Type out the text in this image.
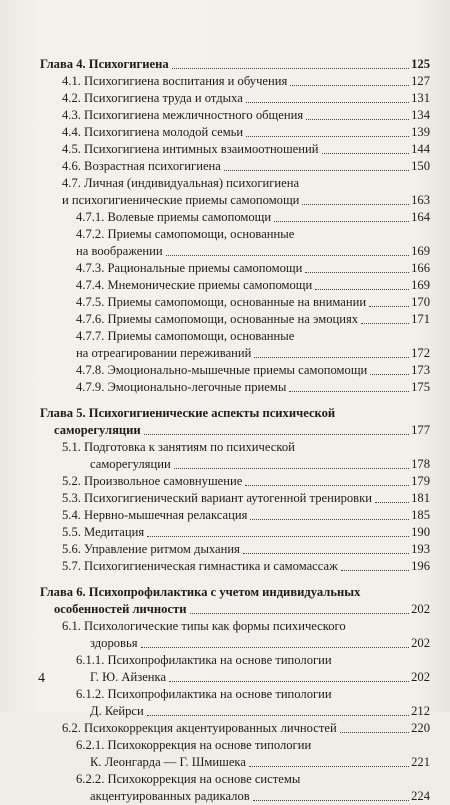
Глава 4. Психогигиена	125
4.1. Психогигиена воспитания и обучения	127
4.2. Психогигиена труда и отдыха	131
4.3. Психогигиена межличностного общения	134
4.4. Психогигиена молодой семьи	139
4.5. Психогигиена интимных взаимоотношений	144
4.6. Возрастная психогигиена	150
4.7. Личная (индивидуальная) психогигиена
и психогигиенические приемы самопомощи	163
4.7.1. Волевые приемы самопомощи	164
4.7.2. Приемы самопомощи, основанные
на воображении	169
4.7.3. Рациональные приемы самопомощи	166
4.7.4. Мнемонические приемы самопомощи	169
4.7.5. Приемы самопомощи, основанные на внимании	170
4.7.6. Приемы самопомощи, основанные на эмоциях	171
4.7.7. Приемы самопомощи, основанные
на отреагировании переживаний	172
4.7.8. Эмоционально-мышечные приемы самопомощи	173
4.7.9. Эмоционально-легочные приемы	175
Глава 5. Психогигиенические аспекты психической
саморегуляции	177
5.1. Подготовка к занятиям по психической
саморегуляции	178
5.2. Произвольное самовнушение	179
5.3. Психогигиенический вариант аутогенной тренировки	181
5.4. Нервно-мышечная релаксация	185
5.5. Медитация	190
5.6. Управление ритмом дыхания	193
5.7. Психогигиеническая гимнастика и самомассаж	196
Глава 6. Психопрофилактика с учетом индивидуальных
особенностей личности	202
6.1. Психологические типы как формы психического
здоровья	202
6.1.1. Психопрофилактика на основе типологии
Г. Ю. Айзенка	202
6.1.2. Психопрофилактика на основе типологии
Д. Кейрси	212
6.2. Психокоррекция акцентуированных личностей	220
6.2.1. Психокоррекция на основе типологии
К. Леонгарда — Г. Шмишека	221
6.2.2. Психокоррекция на основе системы
акцентуированных радикалов	224
4
